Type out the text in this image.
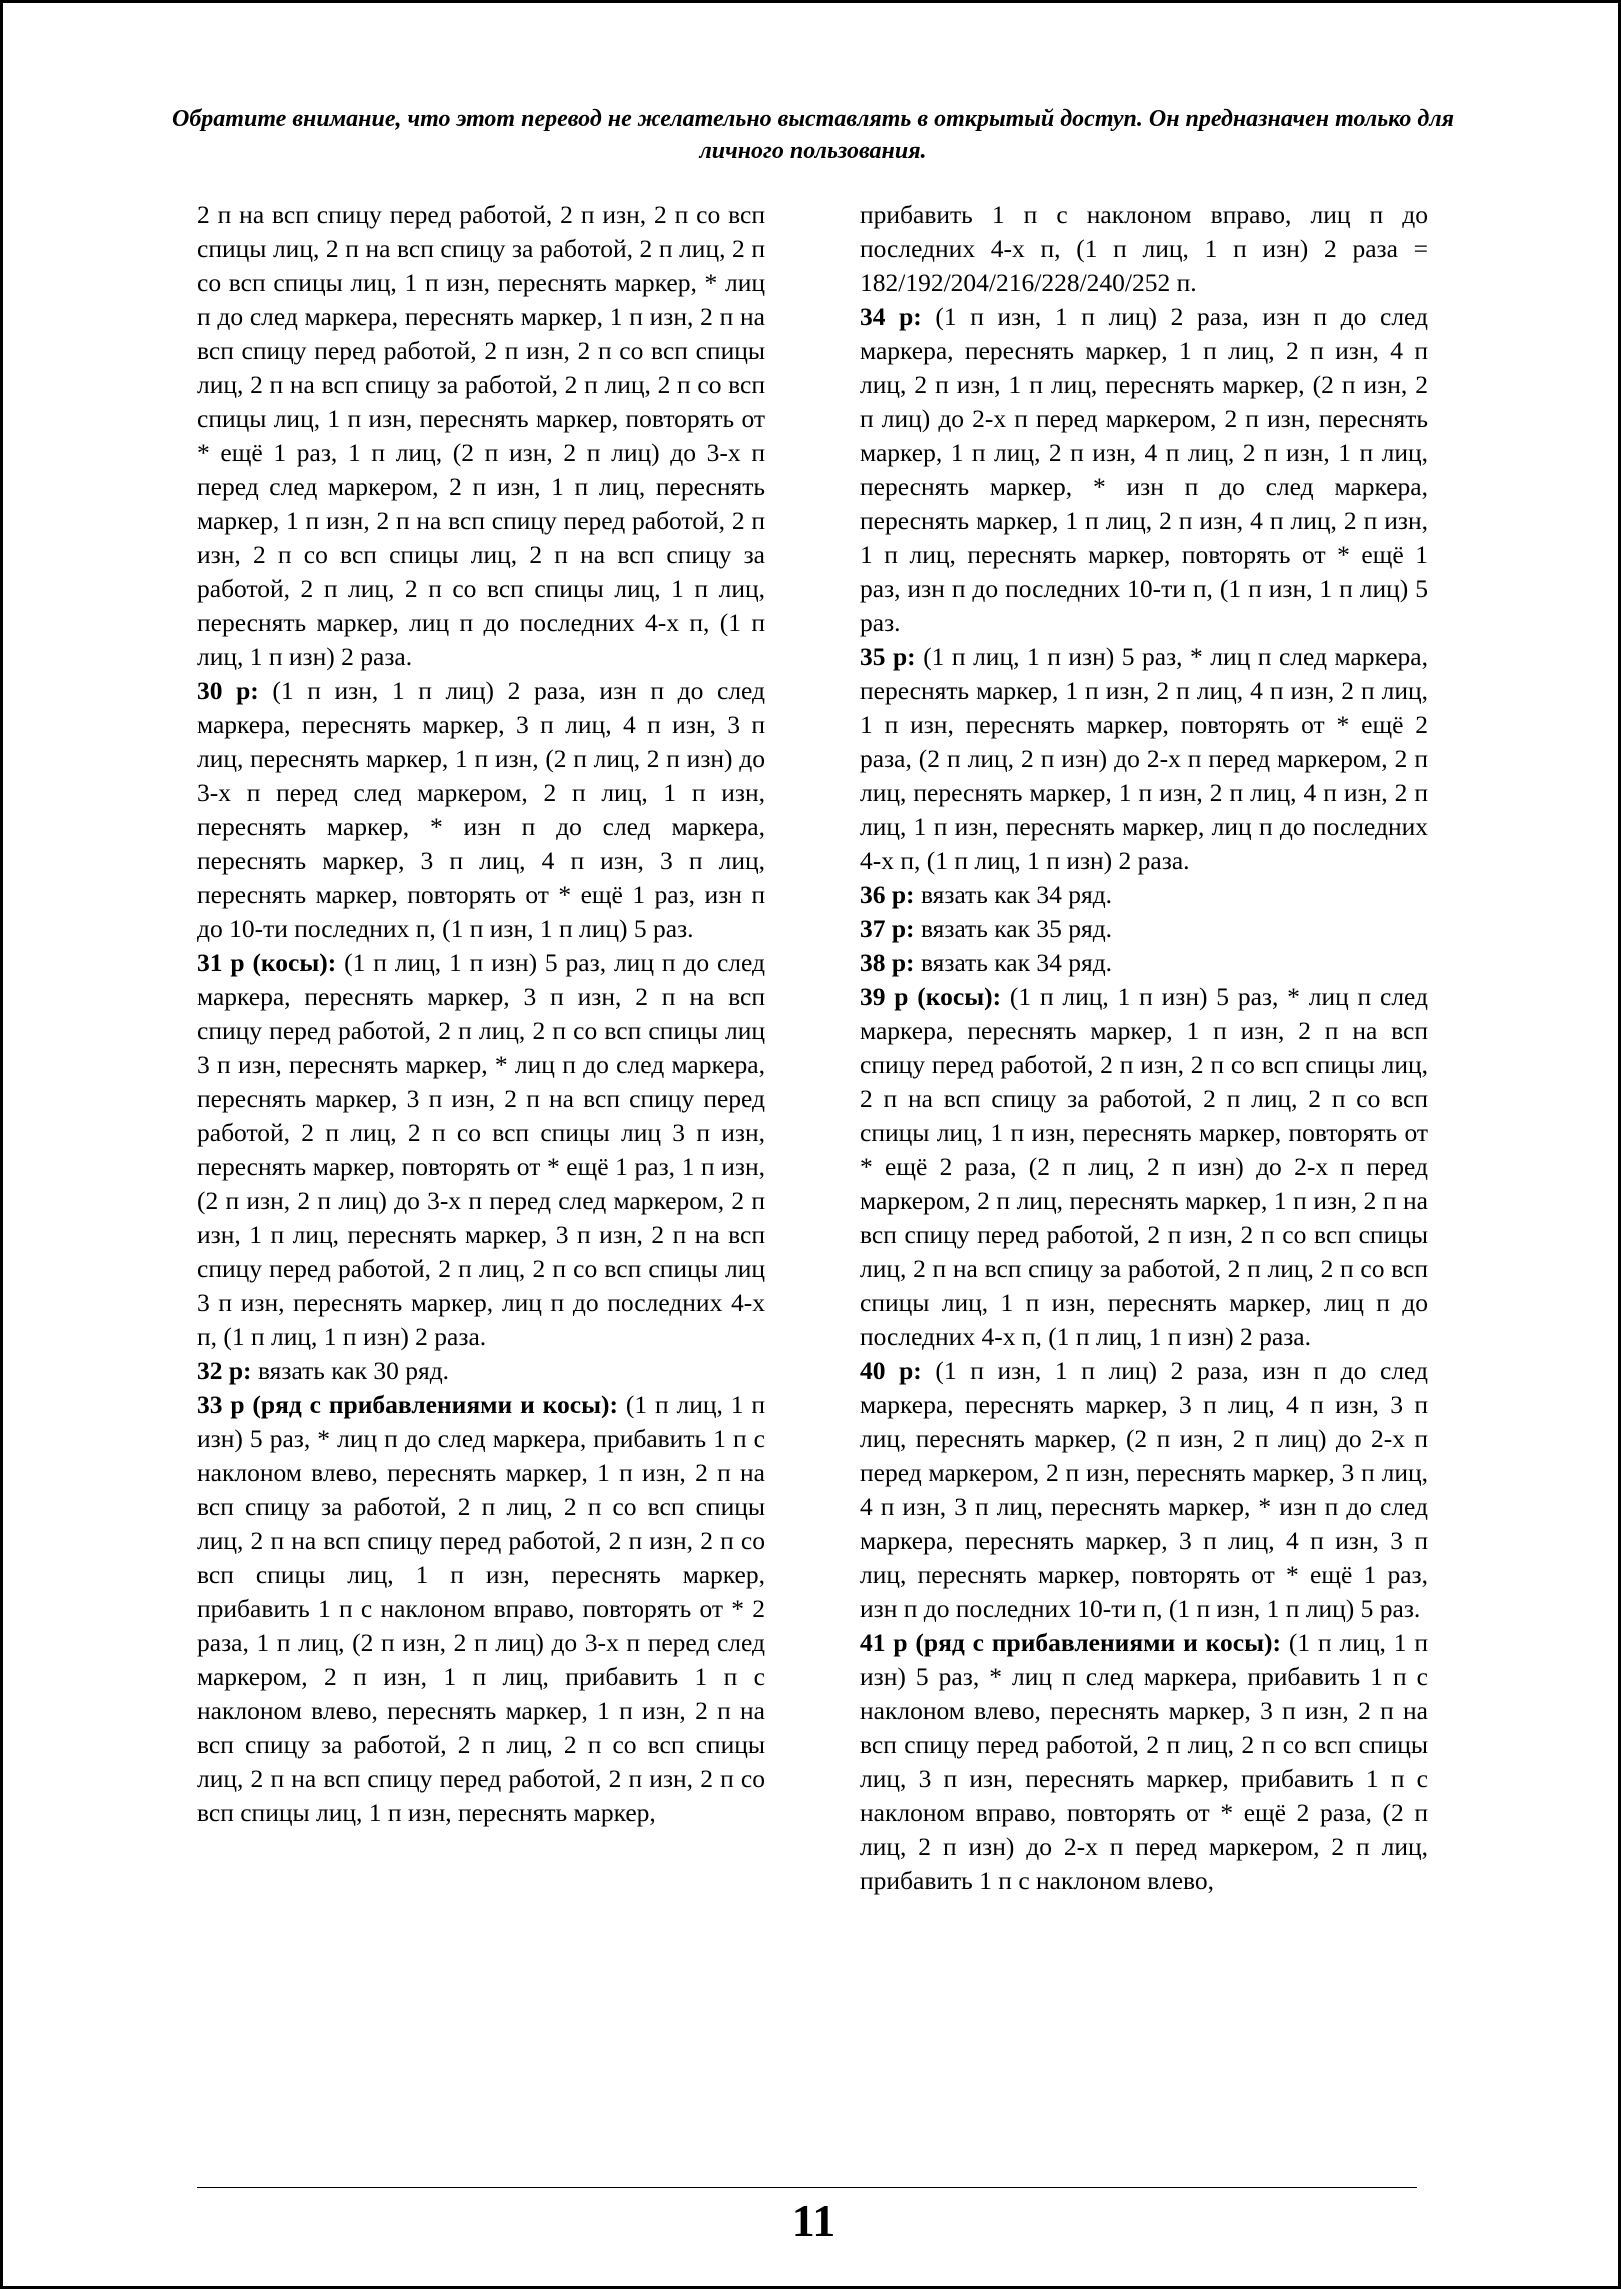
Обратите внимание, что этот перевод не желательно выставлять в открытый доступ. Он предназначен только для личного пользования.

2 п на всп спицу перед работой, 2 п изн, 2 п со всп спицы лиц, 2 п на всп спицу за работой, 2 п лиц, 2 п со всп спицы лиц, 1 п изн, переснять маркер, * лиц п до след маркера, переснять маркер, 1 п изн, 2 п на всп спицу перед работой, 2 п изн, 2 п со всп спицы лиц, 2 п на всп спицу за работой, 2 п лиц, 2 п со всп спицы лиц, 1 п изн, переснять маркер, повторять от * ещё 1 раз, 1 п лиц, (2 п изн, 2 п лиц) до 3-х п перед след маркером, 2 п изн, 1 п лиц, переснять маркер, 1 п изн, 2 п на всп спицу перед работой, 2 п изн, 2 п со всп спицы лиц, 2 п на всп спицу за работой, 2 п лиц, 2 п со всп спицы лиц, 1 п лиц, переснять маркер, лиц п до последних 4-х п, (1 п лиц, 1 п изн) 2 раза.

30 р: (1 п изн, 1 п лиц) 2 раза, изн п до след маркера, переснять маркер, 3 п лиц, 4 п изн, 3 п лиц, переснять маркер, 1 п изн, (2 п лиц, 2 п изн) до 3-х п перед след маркером, 2 п лиц, 1 п изн, переснять маркер, * изн п до след маркера, переснять маркер, 3 п лиц, 4 п изн, 3 п лиц, переснять маркер, повторять от * ещё 1 раз, изн п до 10-ти последних п, (1 п изн, 1 п лиц) 5 раз.

31 р (косы): (1 п лиц, 1 п изн) 5 раз, лиц п до след маркера, переснять маркер, 3 п изн, 2 п на всп спицу перед работой, 2 п лиц, 2 п со всп спицы лиц 3 п изн, переснять маркер, * лиц п до след маркера, переснять маркер, 3 п изн, 2 п на всп спицу перед работой, 2 п лиц, 2 п со всп спицы лиц 3 п изн, переснять маркер, повторять от * ещё 1 раз, 1 п изн, (2 п изн, 2 п лиц) до 3-х п перед след маркером, 2 п изн, 1 п лиц, переснять маркер, 3 п изн, 2 п на всп спицу перед работой, 2 п лиц, 2 п со всп спицы лиц 3 п изн, переснять маркер, лиц п до последних 4-х п, (1 п лиц, 1 п изн) 2 раза.

32 р: вязать как 30 ряд.

33 р (ряд с прибавлениями и косы): (1 п лиц, 1 п изн) 5 раз, * лиц п до след маркера, прибавить 1 п с наклоном влево, переснять маркер, 1 п изн, 2 п на всп спицу за работой, 2 п лиц, 2 п со всп спицы лиц, 2 п на всп спицу перед работой, 2 п изн, 2 п со всп спицы лиц, 1 п изн, переснять маркер, прибавить 1 п с наклоном вправо, повторять от * 2 раза, 1 п лиц, (2 п изн, 2 п лиц) до 3-х п перед след маркером, 2 п изн, 1 п лиц, прибавить 1 п с наклоном влево, переснять маркер, 1 п изн, 2 п на всп спицу за работой, 2 п лиц, 2 п со всп спицы лиц, 2 п на всп спицу перед работой, 2 п изн, 2 п со всп спицы лиц, 1 п изн, переснять маркер,

прибавить 1 п с наклоном вправо, лиц п до последних 4-х п, (1 п лиц, 1 п изн) 2 раза = 182/192/204/216/228/240/252 п.

34 р: (1 п изн, 1 п лиц) 2 раза, изн п до след маркера, переснять маркер, 1 п лиц, 2 п изн, 4 п лиц, 2 п изн, 1 п лиц, переснять маркер, (2 п изн, 2 п лиц) до 2-х п перед маркером, 2 п изн, переснять маркер, 1 п лиц, 2 п изн, 4 п лиц, 2 п изн, 1 п лиц, переснять маркер, * изн п до след маркера, переснять маркер, 1 п лиц, 2 п изн, 4 п лиц, 2 п изн, 1 п лиц, переснять маркер, повторять от * ещё 1 раз, изн п до последних 10-ти п, (1 п изн, 1 п лиц) 5 раз.

35 р: (1 п лиц, 1 п изн) 5 раз, * лиц п след маркера, переснять маркер, 1 п изн, 2 п лиц, 4 п изн, 2 п лиц, 1 п изн, переснять маркер, повторять от * ещё 2 раза, (2 п лиц, 2 п изн) до 2-х п перед маркером, 2 п лиц, переснять маркер, 1 п изн, 2 п лиц, 4 п изн, 2 п лиц, 1 п изн, переснять маркер, лиц п до последних 4-х п, (1 п лиц, 1 п изн) 2 раза.

36 р: вязать как 34 ряд.

37 р: вязать как 35 ряд.

38 р: вязать как 34 ряд.

39 р (косы): (1 п лиц, 1 п изн) 5 раз, * лиц п след маркера, переснять маркер, 1 п изн, 2 п на всп спицу перед работой, 2 п изн, 2 п со всп спицы лиц, 2 п на всп спицу за работой, 2 п лиц, 2 п со всп спицы лиц, 1 п изн, переснять маркер, повторять от * ещё 2 раза, (2 п лиц, 2 п изн) до 2-х п перед маркером, 2 п лиц, переснять маркер, 1 п изн, 2 п на всп спицу перед работой, 2 п изн, 2 п со всп спицы лиц, 2 п на всп спицу за работой, 2 п лиц, 2 п со всп спицы лиц, 1 п изн, переснять маркер, лиц п до последних 4-х п, (1 п лиц, 1 п изн) 2 раза.

40 р: (1 п изн, 1 п лиц) 2 раза, изн п до след маркера, переснять маркер, 3 п лиц, 4 п изн, 3 п лиц, переснять маркер, (2 п изн, 2 п лиц) до 2-х п перед маркером, 2 п изн, переснять маркер, 3 п лиц, 4 п изн, 3 п лиц, переснять маркер, * изн п до след маркера, переснять маркер, 3 п лиц, 4 п изн, 3 п лиц, переснять маркер, повторять от * ещё 1 раз, изн п до последних 10-ти п, (1 п изн, 1 п лиц) 5 раз.

41 р (ряд с прибавлениями и косы): (1 п лиц, 1 п изн) 5 раз, * лиц п след маркера, прибавить 1 п с наклоном влево, переснять маркер, 3 п изн, 2 п на всп спицу перед работой, 2 п лиц, 2 п со всп спицы лиц, 3 п изн, переснять маркер, прибавить 1 п с наклоном вправо, повторять от * ещё 2 раза, (2 п лиц, 2 п изн) до 2-х п перед маркером, 2 п лиц, прибавить 1 п с наклоном влево,

11
